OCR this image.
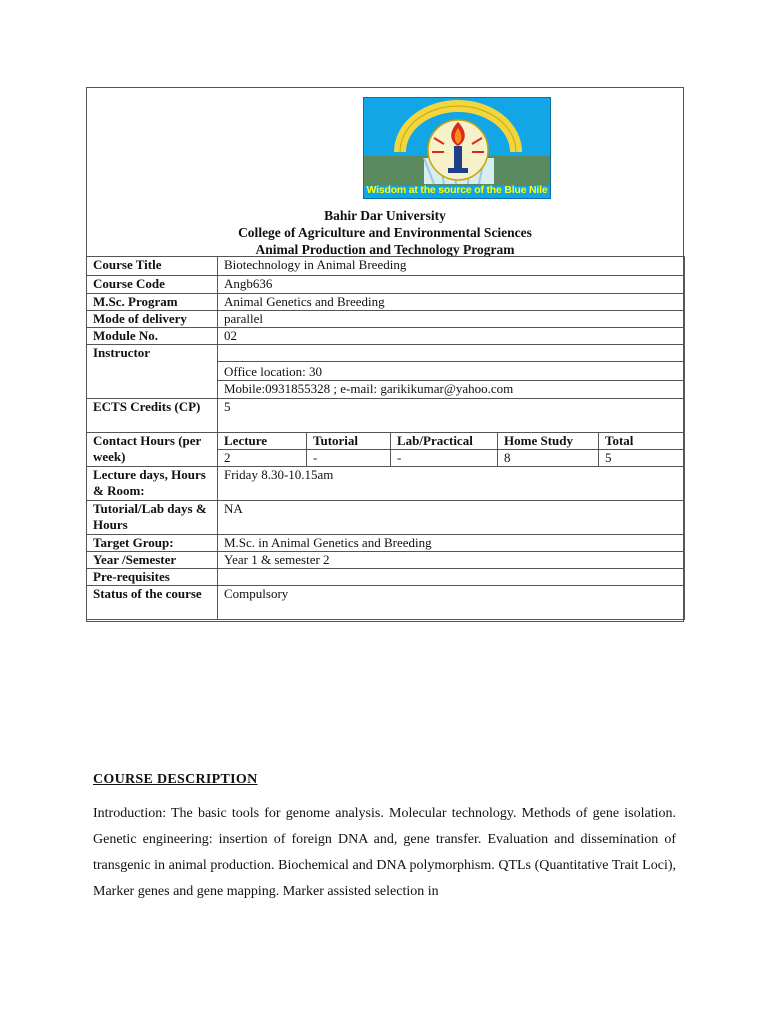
Wisdom at the source of the Blue Nile
Bahir Dar University
College of Agriculture and Environmental Sciences
Animal Production and Technology Program
Course Title	Biotechnology in Animal Breeding				
Course Code	Angb636				
M.Sc. Program	Animal Genetics and Breeding				
Mode of delivery	parallel				
Module No.	02				
Instructor					
	Office location: 30				
	Mobile:0931855328 ; e-mail: garikikumar@yahoo.com				
ECTS Credits (CP)	5				
Contact Hours (per week)	Lecture	Tutorial	Lab/Practical	Home Study	Total
	2	-	-	8	5
Lecture days, Hours & Room:	Friday 8.30-10.15am				
Tutorial/Lab days & Hours	NA				
Target Group:	M.Sc. in Animal Genetics and Breeding				
Year /Semester	Year 1 & semester 2				
Pre-requisites					
Status of the course	Compulsory				
COURSE DESCRIPTION

Introduction: The basic tools for genome analysis. Molecular technology. Methods of gene isolation. Genetic engineering: insertion of foreign DNA and, gene transfer. Evaluation and dissemination of transgenic in animal production. Biochemical and DNA polymorphism. QTLs (Quantitative Trait Loci), Marker genes and gene mapping. Marker assisted selection in
